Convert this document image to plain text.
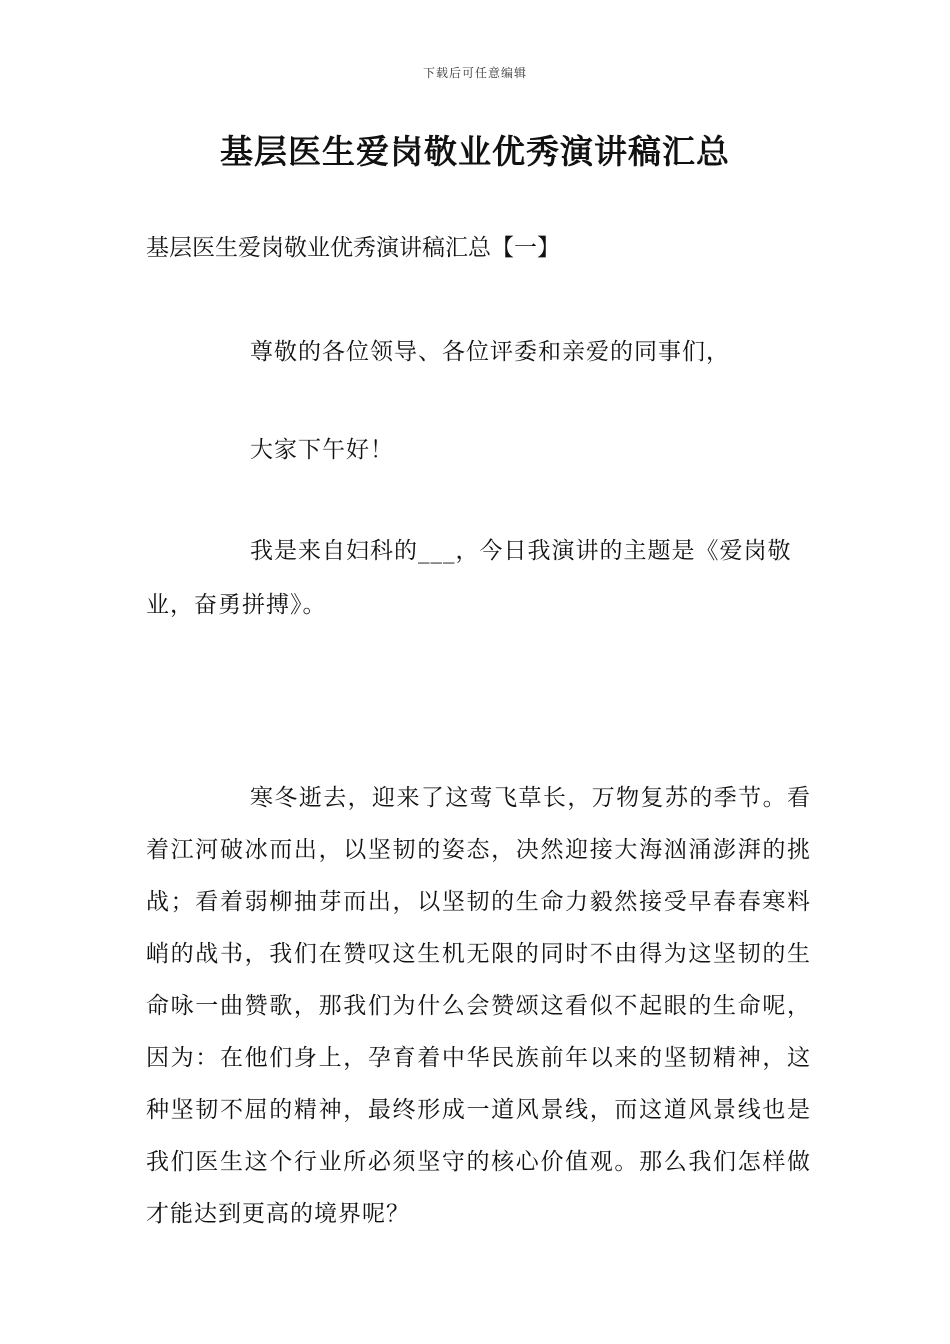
下载后可任意编辑
基层医生爱岗敬业优秀演讲稿汇总

基层医生爱岗敬业优秀演讲稿汇总【一】

尊敬的各位领导、各位评委和亲爱的同事们，

大家下午好！

我是来自妇科的___，今日我演讲的主题是《爱岗敬业，奋勇拼搏》。

寒冬逝去，迎来了这莺飞草长，万物复苏的季节。看着江河破冰而出，以坚韧的姿态，决然迎接大海汹涌澎湃的挑战；看着弱柳抽芽而出，以坚韧的生命力毅然接受早春春寒料峭的战书，我们在赞叹这生机无限的同时不由得为这坚韧的生命咏一曲赞歌，那我们为什么会赞颂这看似不起眼的生命呢，因为：在他们身上，孕育着中华民族前年以来的坚韧精神，这种坚韧不屈的精神，最终形成一道风景线，而这道风景线也是我们医生这个行业所必须坚守的核心价值观。那么我们怎样做才能达到更高的境界呢？
